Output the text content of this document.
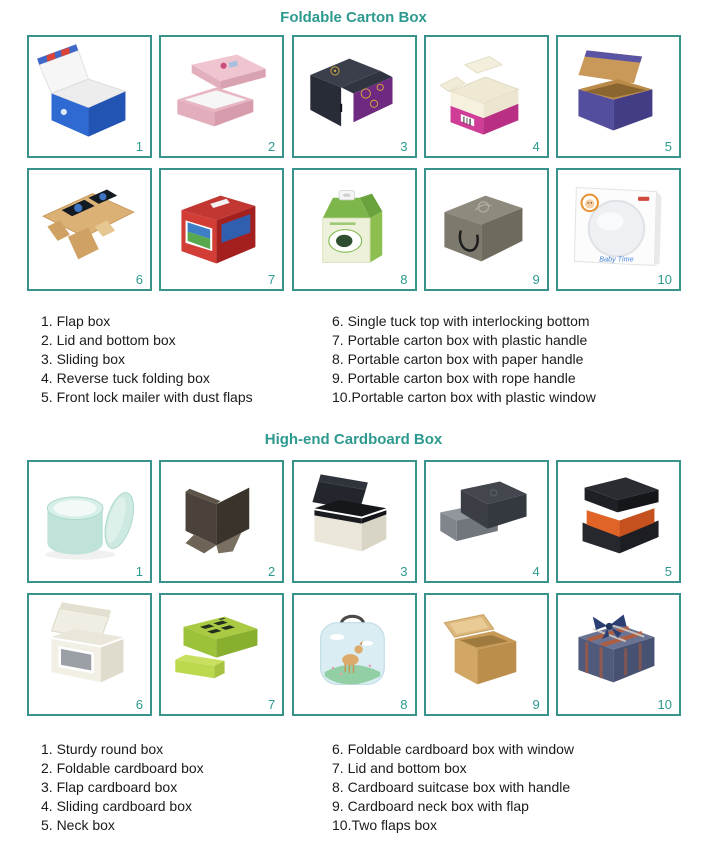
Foldable Carton Box
1	2	3	4	5
6	7	8	9
Baby Time
10
1. Flap box
2. Lid and bottom box
3. Sliding box
4. Reverse tuck folding box
5. Front lock mailer with dust flaps
6. Single tuck top with interlocking bottom
7. Portable carton box with plastic handle
8. Portable carton box with paper handle
9. Portable carton box with rope handle
10.Portable carton box with plastic window
High-end Cardboard Box
1	2	3	4	5
6	7	8	9	10
1. Sturdy round box
2. Foldable cardboard box
3. Flap cardboard box
4. Sliding cardboard box
5. Neck box
6. Foldable cardboard box with window
7. Lid and bottom box
8. Cardboard suitcase box with handle
9. Cardboard neck box with flap
10.Two flaps box
